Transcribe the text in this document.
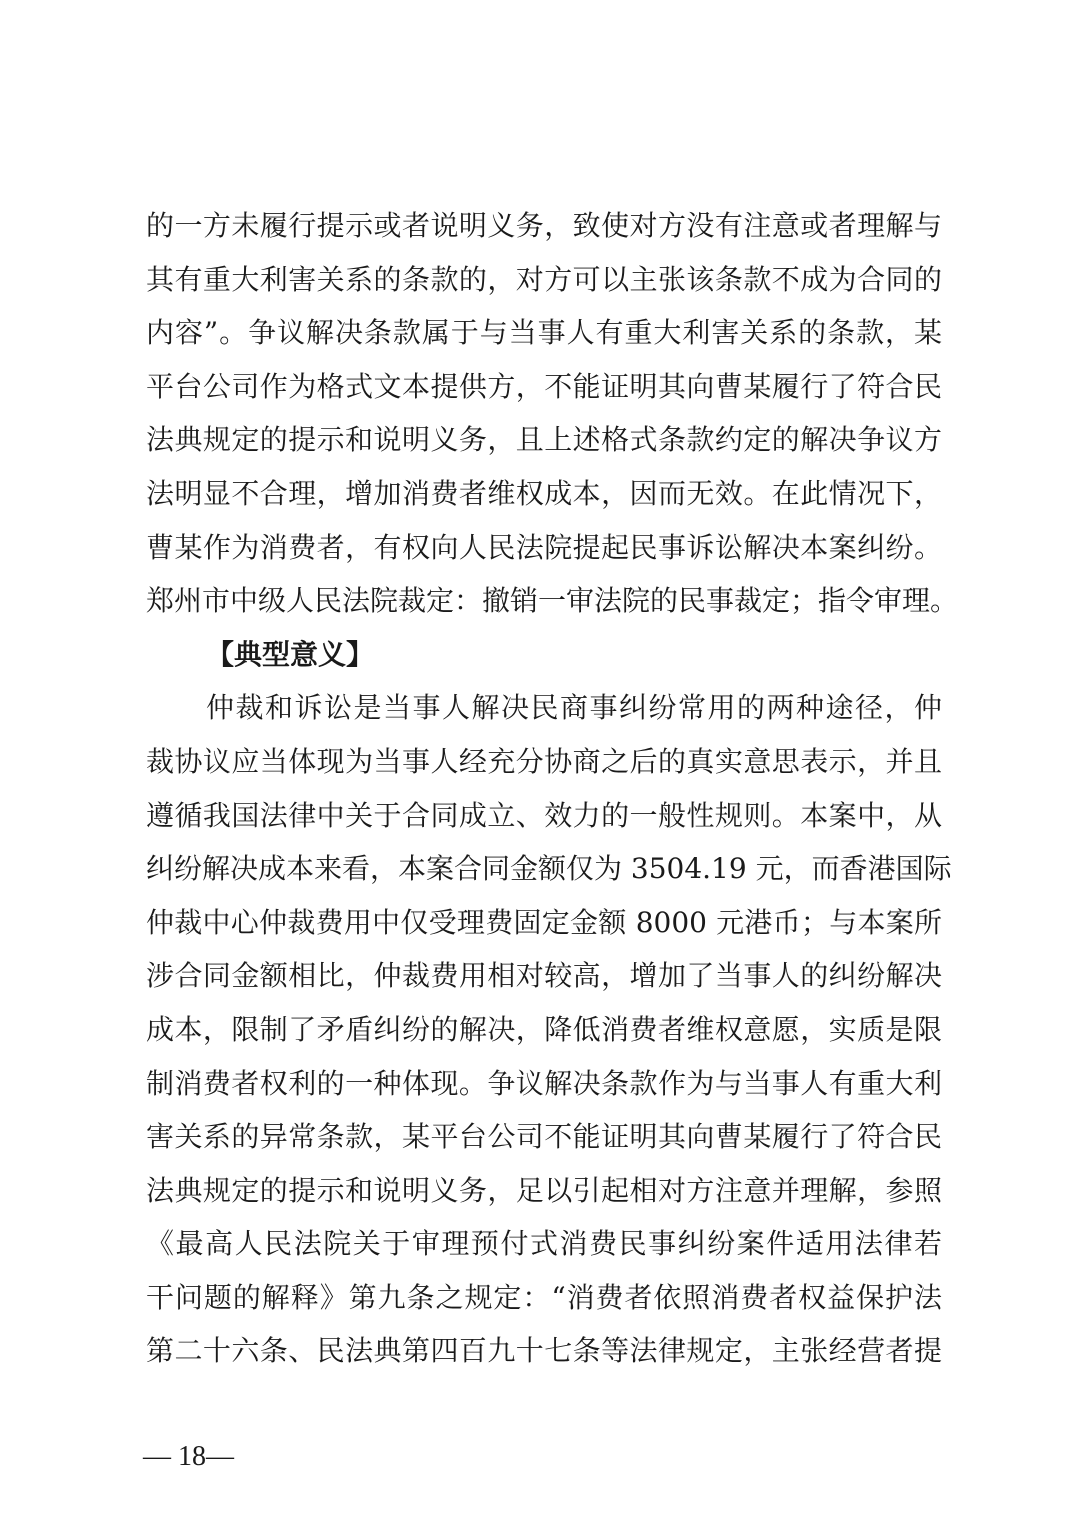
的一方未履行提示或者说明义务，致使对方没有注意或者理解与
其有重大利害关系的条款的，对方可以主张该条款不成为合同的
内容”。争议解决条款属于与当事人有重大利害关系的条款，某
平台公司作为格式文本提供方，不能证明其向曹某履行了符合民
法典规定的提示和说明义务，且上述格式条款约定的解决争议方
法明显不合理，增加消费者维权成本，因而无效。在此情况下，
曹某作为消费者，有权向人民法院提起民事诉讼解决本案纠纷。
郑州市中级人民法院裁定：撤销一审法院的民事裁定；指令审理。
【典型意义】
仲裁和诉讼是当事人解决民商事纠纷常用的两种途径，仲
裁协议应当体现为当事人经充分协商之后的真实意思表示，并且
遵循我国法律中关于合同成立、效力的一般性规则。本案中，从
纠纷解决成本来看，本案合同金额仅为 3504.19 元，而香港国际
仲裁中心仲裁费用中仅受理费固定金额 8000 元港币；与本案所
涉合同金额相比，仲裁费用相对较高，增加了当事人的纠纷解决
成本，限制了矛盾纠纷的解决，降低消费者维权意愿，实质是限
制消费者权利的一种体现。争议解决条款作为与当事人有重大利
害关系的异常条款，某平台公司不能证明其向曹某履行了符合民
法典规定的提示和说明义务，足以引起相对方注意并理解，参照
《最高人民法院关于审理预付式消费民事纠纷案件适用法律若
干问题的解释》第九条之规定：“消费者依照消费者权益保护法
第二十六条、民法典第四百九十七条等法律规定，主张经营者提
— 18—
